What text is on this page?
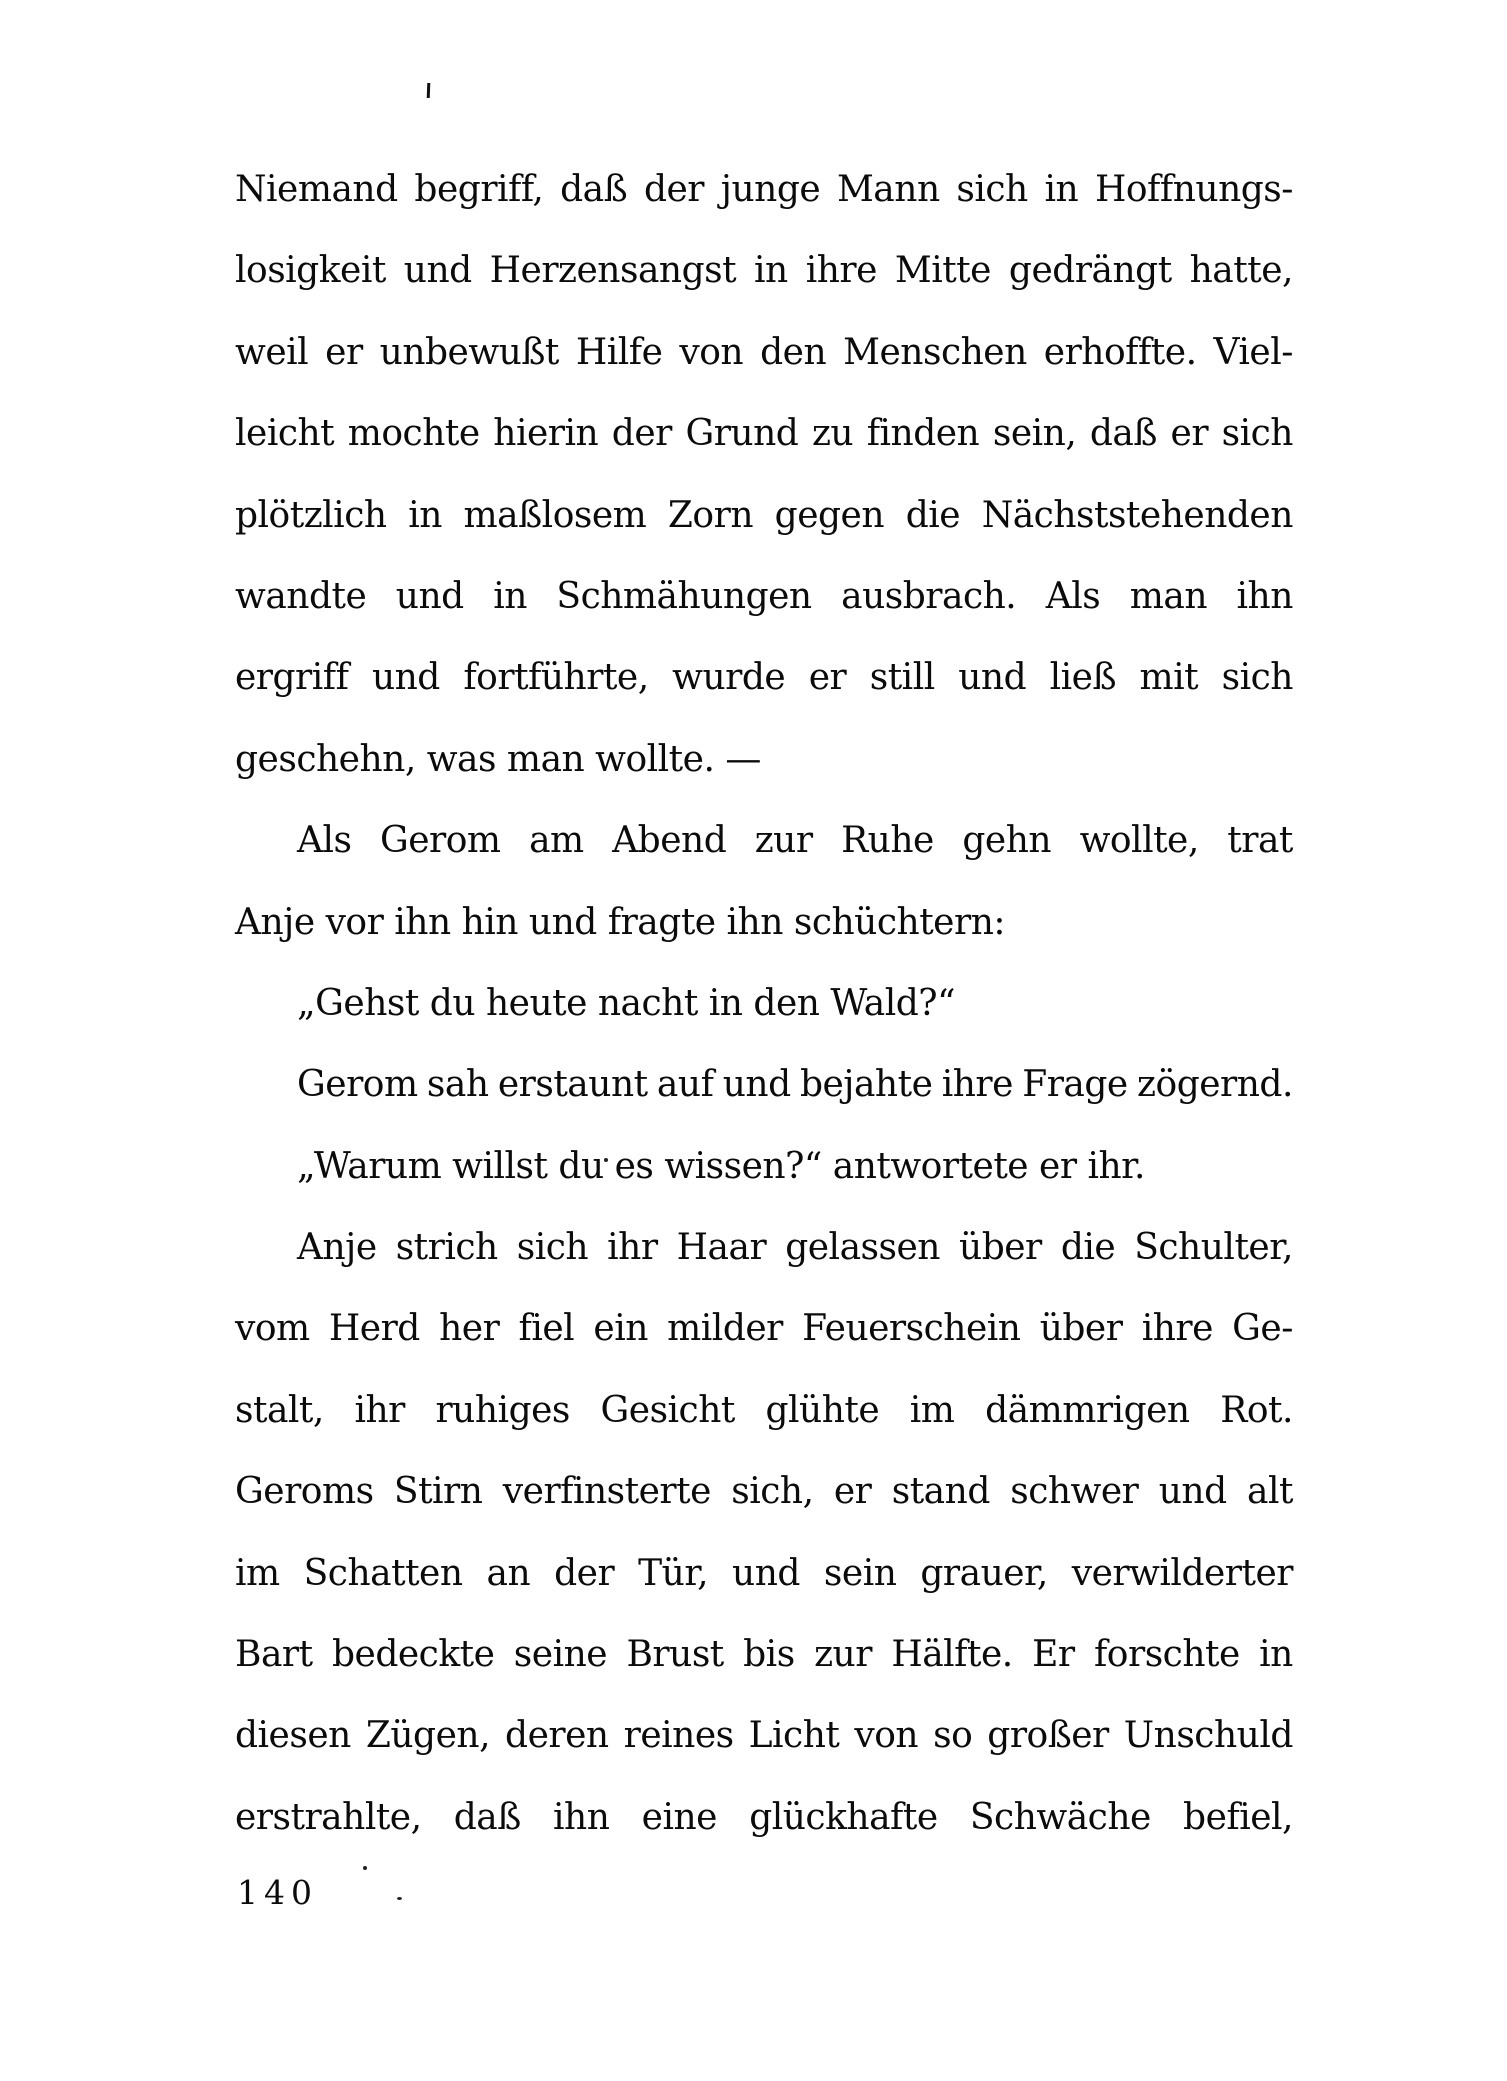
Niemand begriff, daß der junge Mann sich in Hoffnungs-
losigkeit und Herzensangst in ihre Mitte gedrängt hatte,
weil er unbewußt Hilfe von den Menschen erhoffte. Viel-
leicht mochte hierin der Grund zu finden sein, daß er sich
plötzlich in maßlosem Zorn gegen die Nächststehenden
wandte und in Schmähungen ausbrach. Als man ihn
ergriff und fortführte, wurde er still und ließ mit sich
geschehn, was man wollte. —
Als Gerom am Abend zur Ruhe gehn wollte, trat
Anje vor ihn hin und fragte ihn schüchtern:
„Gehst du heute nacht in den Wald?“
Gerom sah erstaunt auf und bejahte ihre Frage zögernd.
„Warum willst du es wissen?“ antwortete er ihr.
Anje strich sich ihr Haar gelassen über die Schulter,
vom Herd her fiel ein milder Feuerschein über ihre Ge-
stalt, ihr ruhiges Gesicht glühte im dämmrigen Rot.
Geroms Stirn verfinsterte sich, er stand schwer und alt
im Schatten an der Tür, und sein grauer, verwilderter
Bart bedeckte seine Brust bis zur Hälfte. Er forschte in
diesen Zügen, deren reines Licht von so großer Unschuld
erstrahlte, daß ihn eine glückhafte Schwäche befiel,
140
